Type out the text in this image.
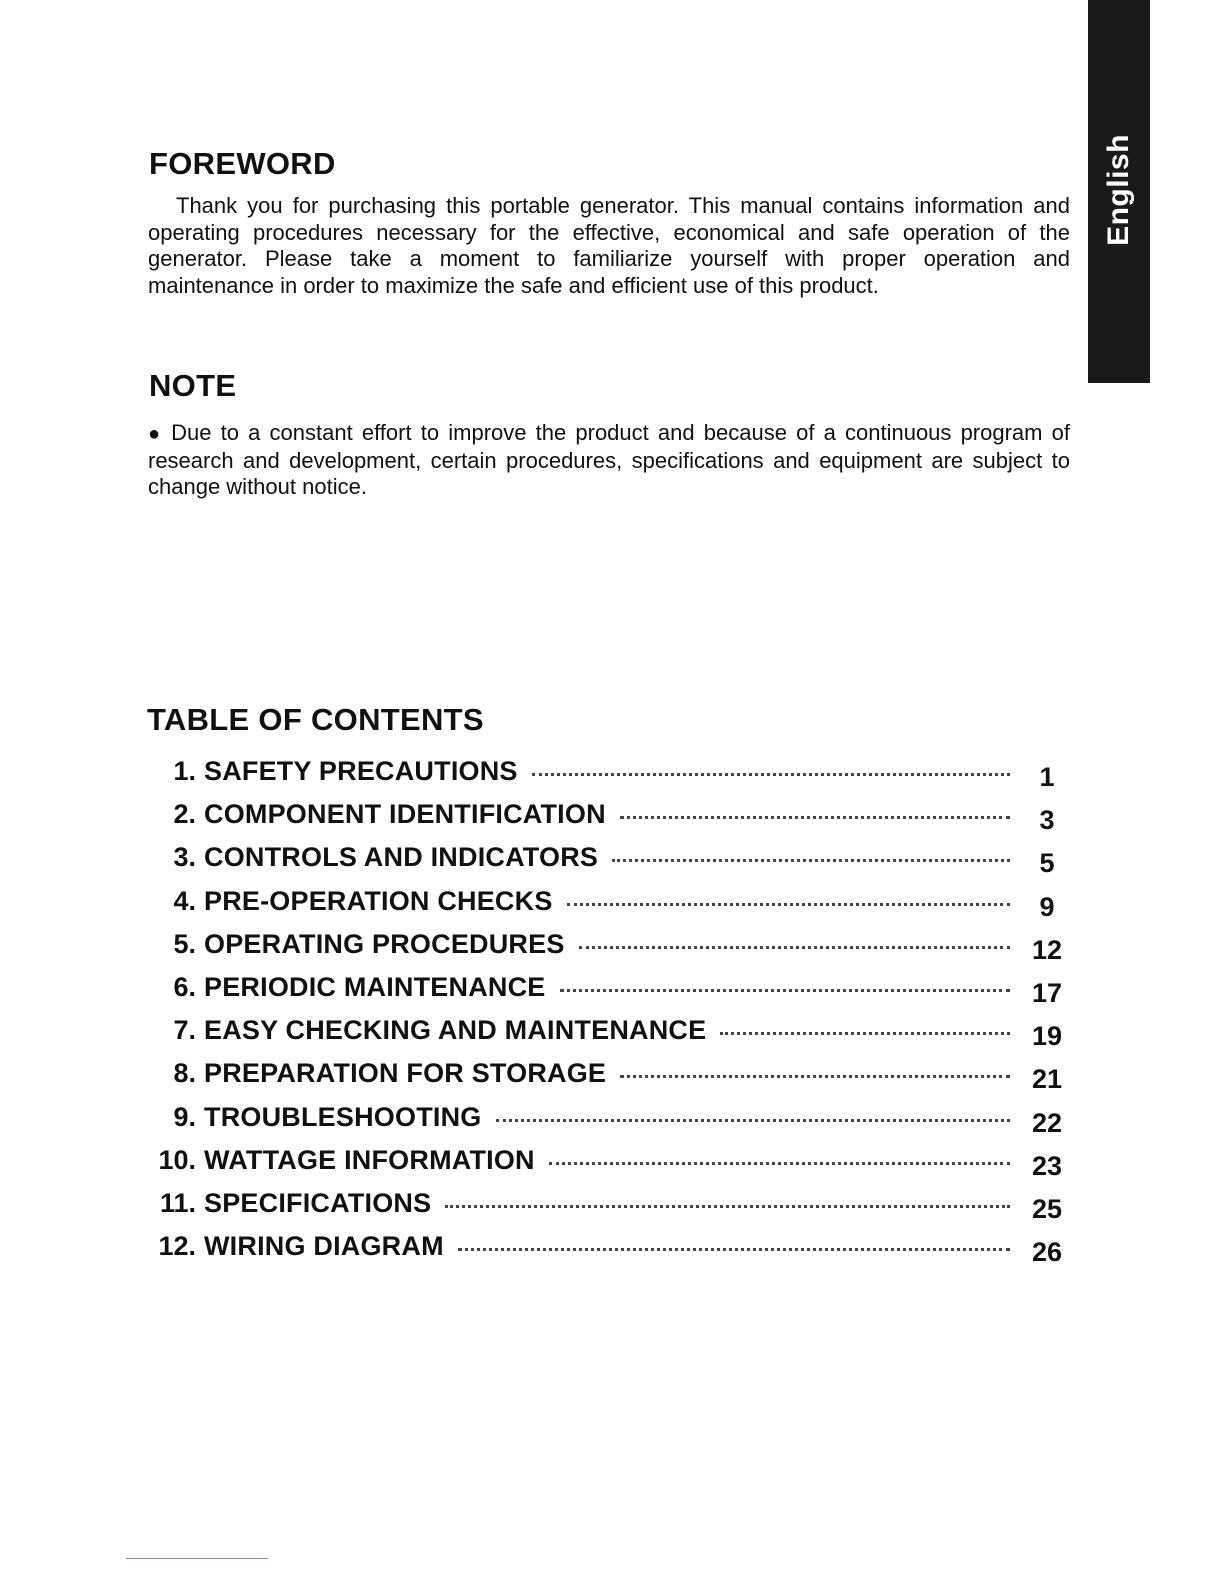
English
FOREWORD

Thank you for purchasing this portable generator. This manual contains information and operating procedures necessary for the effective, economical and safe operation of the generator. Please take a moment to familiarize yourself with proper operation and maintenance in order to maximize the safe and efficient use of this product.

NOTE

● Due to a constant effort to improve the product and because of a continuous program of research and development, certain procedures, specifications and equipment are subject to change without notice.

TABLE OF CONTENTS
1. SAFETY PRECAUTIONS	1
2. COMPONENT IDENTIFICATION	3
3. CONTROLS AND INDICATORS	5
4. PRE-OPERATION CHECKS	9
5. OPERATING PROCEDURES	12
6. PERIODIC MAINTENANCE	17
7. EASY CHECKING AND MAINTENANCE	19
8. PREPARATION FOR STORAGE	21
9. TROUBLESHOOTING	22
10. WATTAGE INFORMATION	23
11. SPECIFICATIONS	25
12. WIRING DIAGRAM	26
